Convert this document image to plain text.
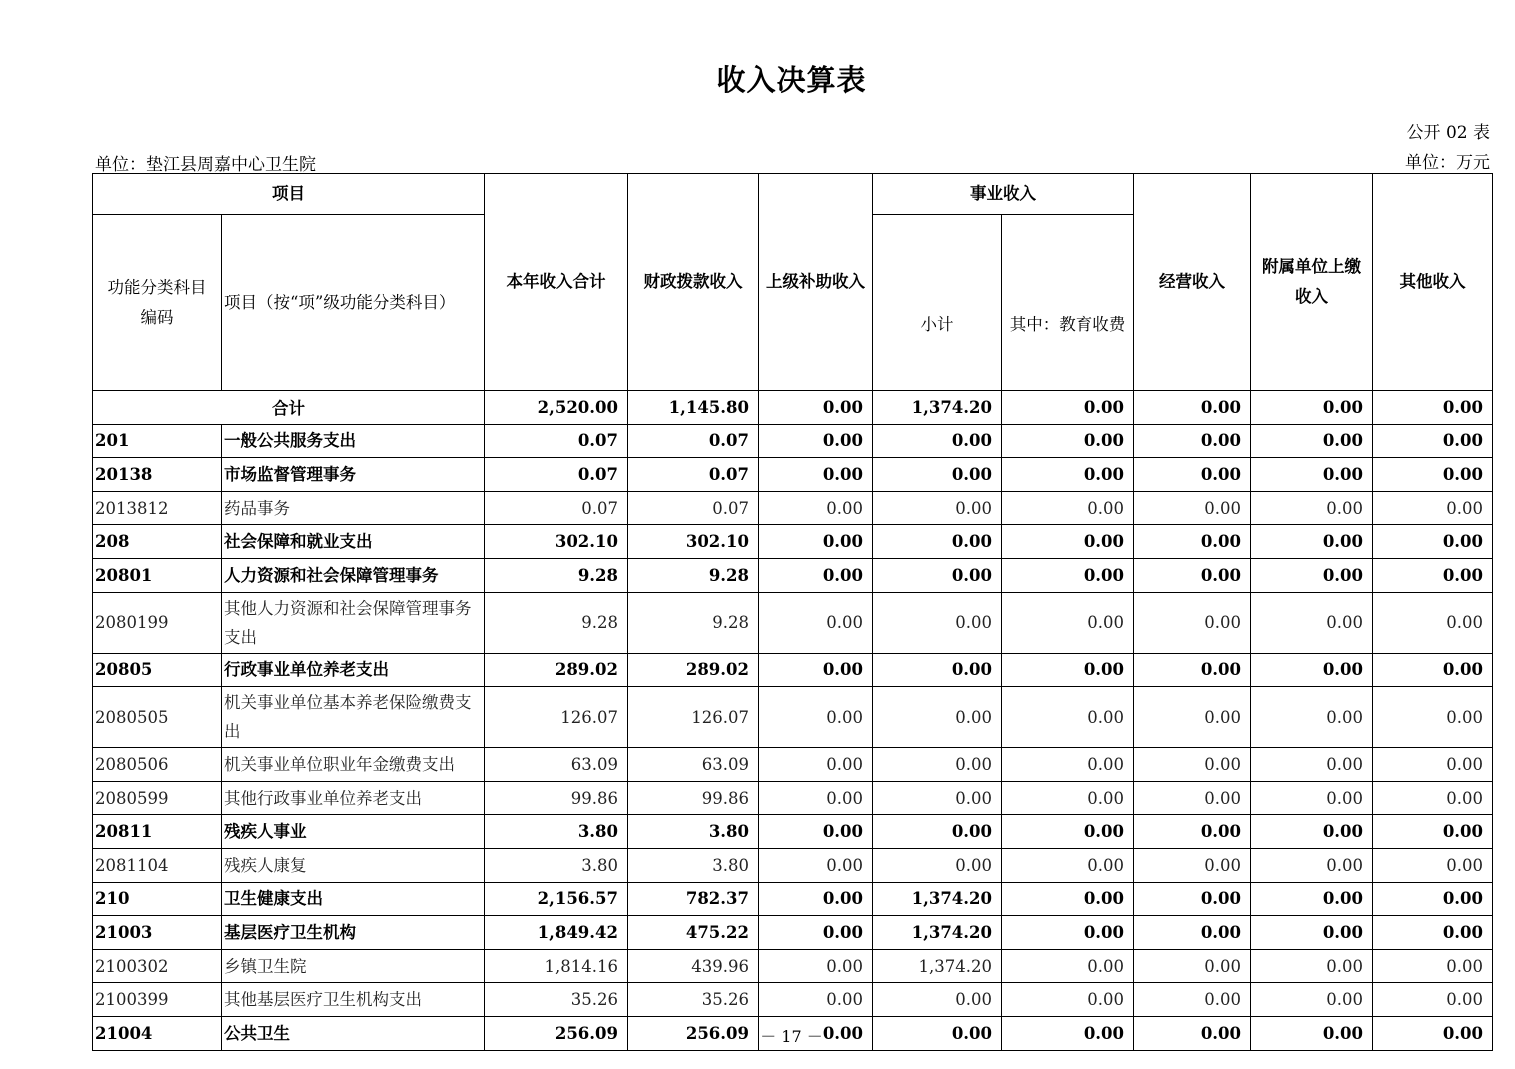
收入决算表
公开 02 表
单位：垫江县周嘉中心卫生院	单位：万元
项目		本年收入合计	财政拨款收入	上级补助收入	事业收入		经营收入	附属单位上缴收入	其他收入
功能分类科目编码	项目（按“项”级功能分类科目）				小计	其中：教育收费			
合计		2,520.00	1,145.80	0.00	1,374.20	0.00	0.00	0.00	0.00
201	一般公共服务支出	0.07	0.07	0.00	0.00	0.00	0.00	0.00	0.00
20138	市场监督管理事务	0.07	0.07	0.00	0.00	0.00	0.00	0.00	0.00
2013812	药品事务	0.07	0.07	0.00	0.00	0.00	0.00	0.00	0.00
208	社会保障和就业支出	302.10	302.10	0.00	0.00	0.00	0.00	0.00	0.00
20801	人力资源和社会保障管理事务	9.28	9.28	0.00	0.00	0.00	0.00	0.00	0.00
2080199	其他人力资源和社会保障管理事务支出	9.28	9.28	0.00	0.00	0.00	0.00	0.00	0.00
20805	行政事业单位养老支出	289.02	289.02	0.00	0.00	0.00	0.00	0.00	0.00
2080505	机关事业单位基本养老保险缴费支出	126.07	126.07	0.00	0.00	0.00	0.00	0.00	0.00
2080506	机关事业单位职业年金缴费支出	63.09	63.09	0.00	0.00	0.00	0.00	0.00	0.00
2080599	其他行政事业单位养老支出	99.86	99.86	0.00	0.00	0.00	0.00	0.00	0.00
20811	残疾人事业	3.80	3.80	0.00	0.00	0.00	0.00	0.00	0.00
2081104	残疾人康复	3.80	3.80	0.00	0.00	0.00	0.00	0.00	0.00
210	卫生健康支出	2,156.57	782.37	0.00	1,374.20	0.00	0.00	0.00	0.00
21003	基层医疗卫生机构	1,849.42	475.22	0.00	1,374.20	0.00	0.00	0.00	0.00
2100302	乡镇卫生院	1,814.16	439.96	0.00	1,374.20	0.00	0.00	0.00	0.00
2100399	其他基层医疗卫生机构支出	35.26	35.26	0.00	0.00	0.00	0.00	0.00	0.00
21004	公共卫生	256.09	256.09	0.00	0.00	0.00	0.00	0.00	0.00
－ 17 －
